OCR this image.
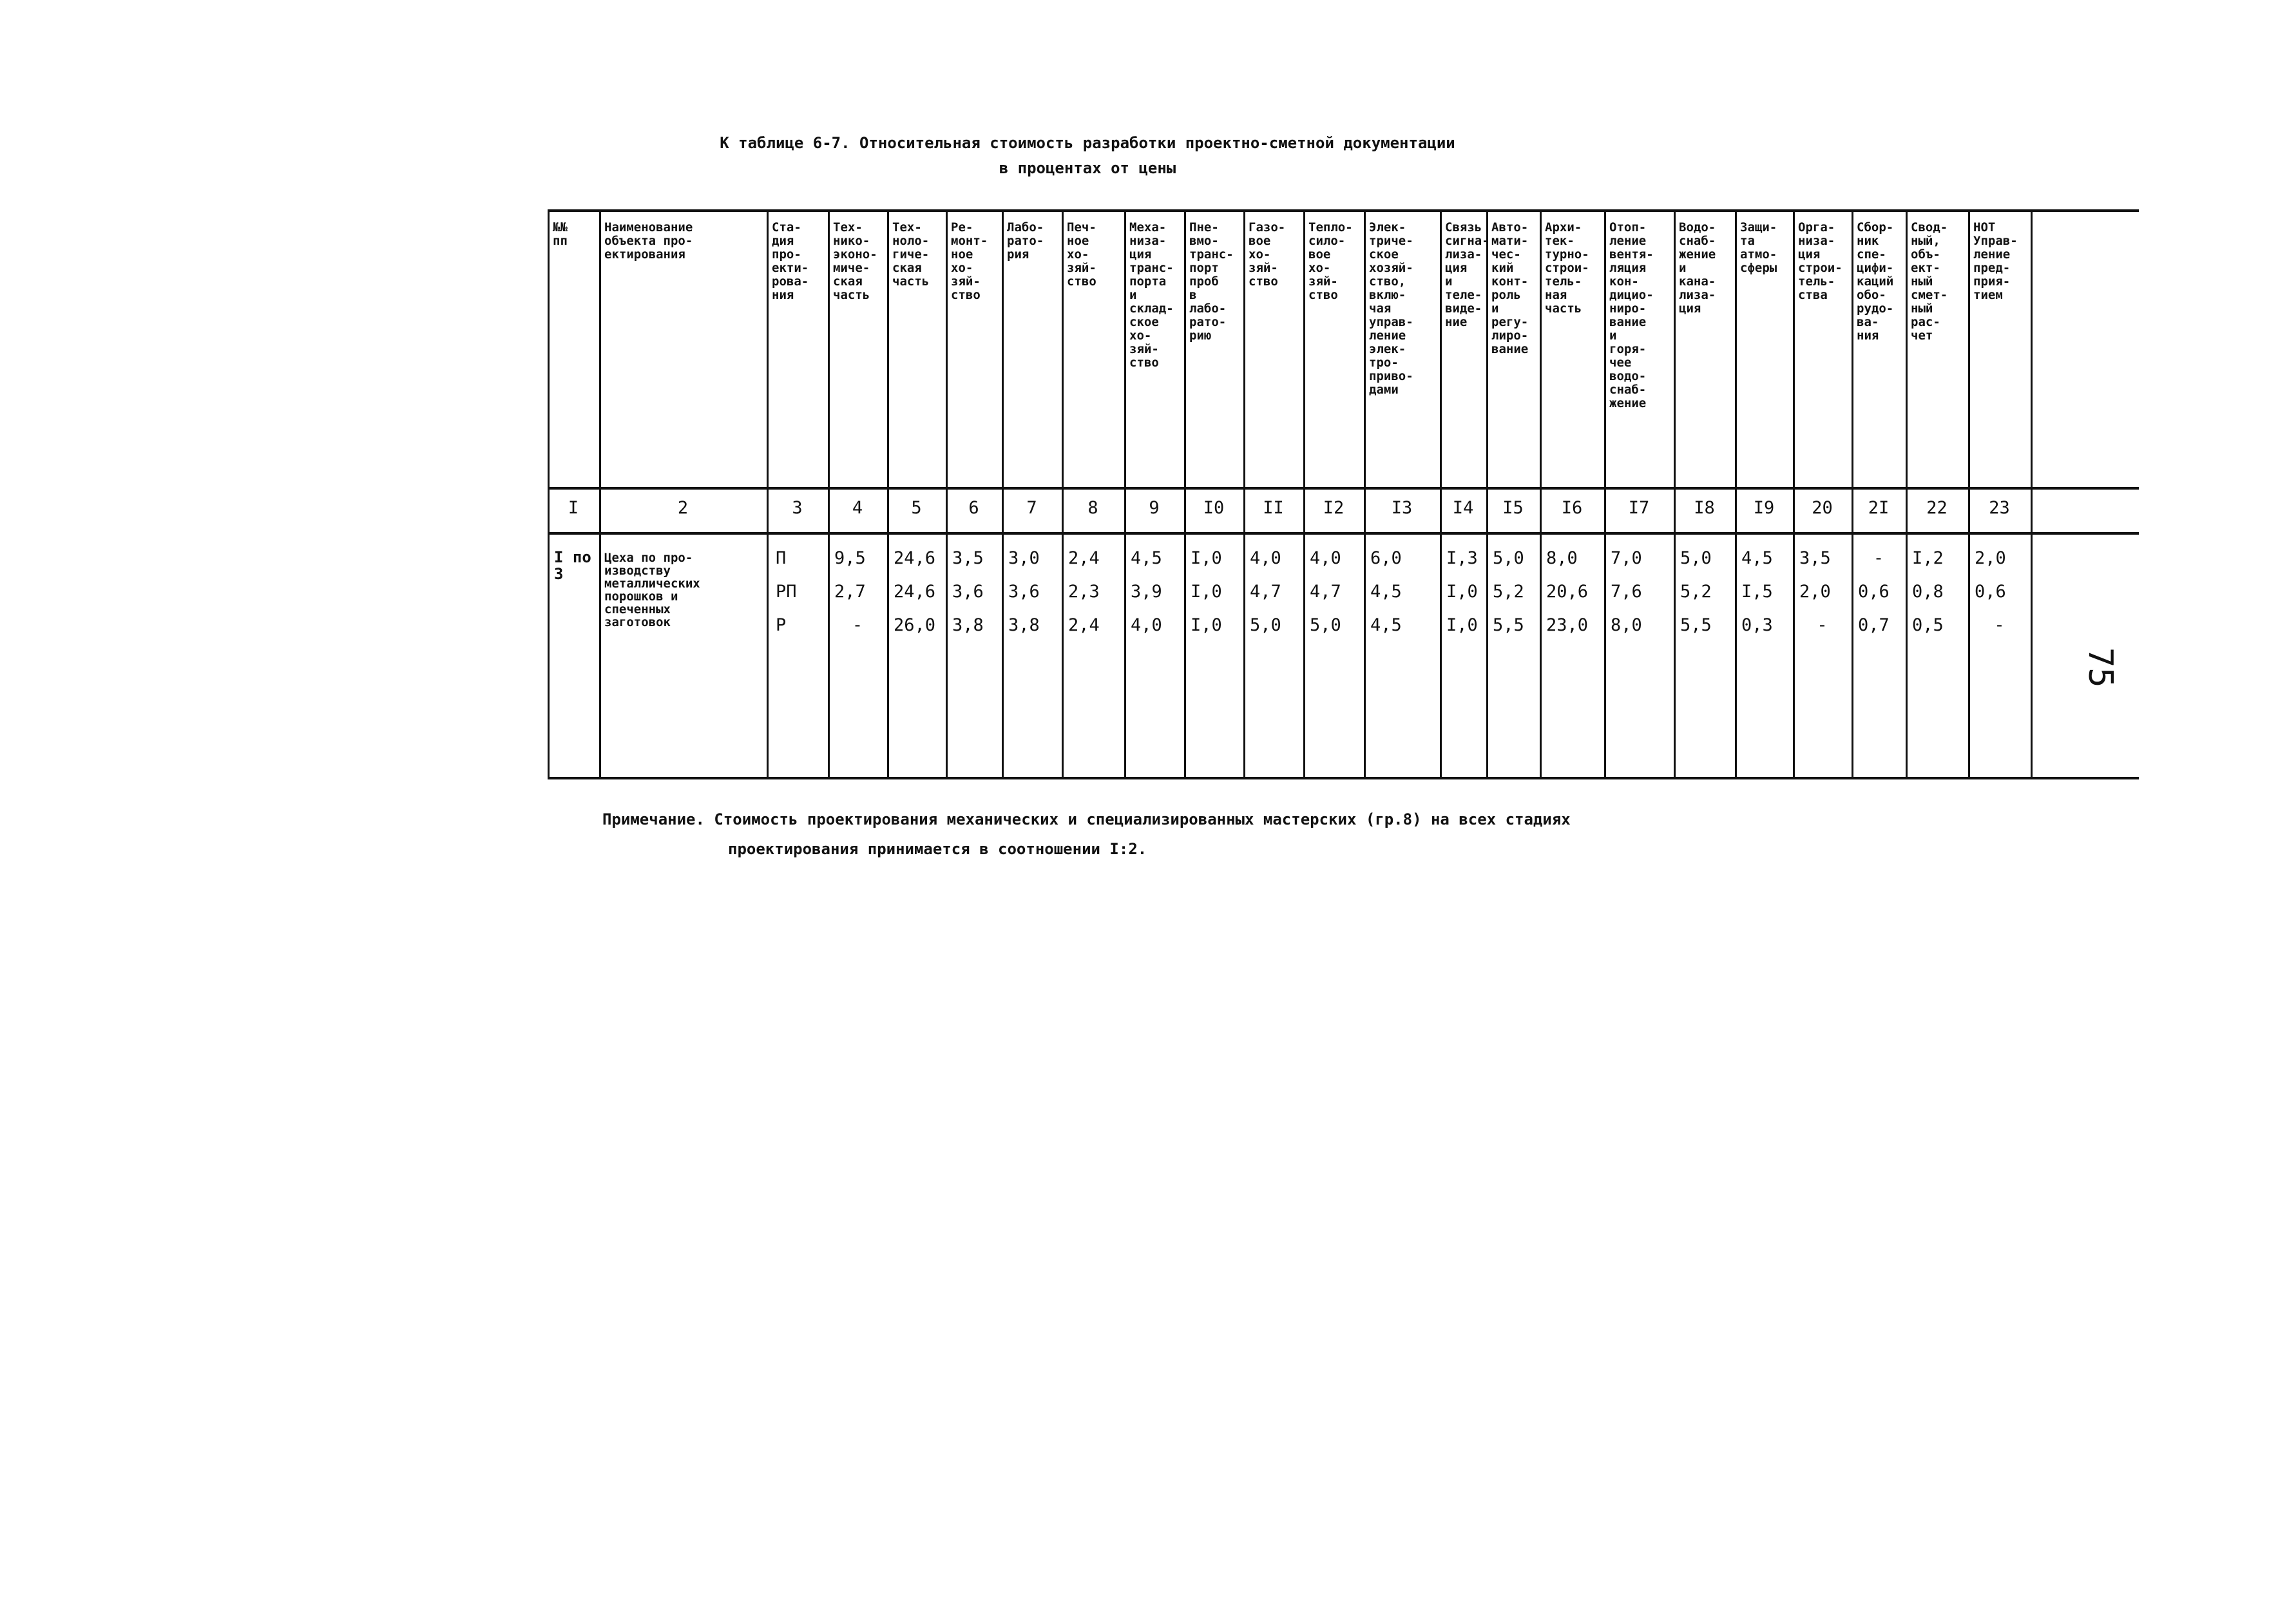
К таблице 6-7. Относительная стоимость разработки проектно-сметной документации
в процентах от цены
№№
пп
I
Наименование
объекта про-
ектирования
2
Ста-
дия
про-
екти-
рова-
ния
3
Тех-
нико-
эконо-
миче-
ская
часть
4
Тех-
ноло-
гиче-
ская
часть
5
Ре-
монт-
ное
хо-
зяй-
ство
6
Лабо-
рато-
рия
7
Печ-
ное
хо-
зяй-
ство
8
Меха-
низа-
ция
транс-
порта
и
склад-
ское
хо-
зяй-
ство
9
Пне-
вмо-
транс-
порт
проб
в
лабо-
рато-
рию
I0
Газо-
вое
хо-
зяй-
ство
II
Тепло-
сило-
вое
хо-
зяй-
ство
I2
Элек-
триче-
ское
хозяй-
ство,
вклю-
чая
управ-
ление
элек-
тро-
приво-
дами
I3
Связь
сигна-
лиза-
ция
и
теле-
виде-
ние
I4
Авто-
мати-
чес-
кий
конт-
роль
и
регу-
лиро-
вание
I5
Архи-
тек-
турно-
строи-
тель-
ная
часть
I6
Отоп-
ление
вентя-
ляция
кон-
дицио-
ниро-
вание
и
горя-
чее
водо-
снаб-
жение
I7
Водо-
снаб-
жение
и
кана-
лиза-
ция
I8
Защи-
та
атмо-
сферы
I9
Орга-
низа-
ция
строи-
тель-
ства
20
Сбор-
ник
спе-
цифи-
каций
обо-
рудо-
ва-
ния
2I
Свод-
ный,
объ-
ект-
ный
смет-
ный
рас-
чет
22
НОТ
Управ-
ление
пред-
прия-
тием
23
I по
3
Цеха по про-
изводству
металлических
порошков и
спеченных
заготовок
П
РП
Р
9,5
2,7
-
24,6
24,6
26,0
3,5
3,6
3,8
3,0
3,6
3,8
2,4
2,3
2,4
4,5
3,9
4,0
I,0
I,0
I,0
4,0
4,7
5,0
4,0
4,7
5,0
6,0
4,5
4,5
I,3
I,0
I,0
5,0
5,2
5,5
8,0
20,6
23,0
7,0
7,6
8,0
5,0
5,2
5,5
4,5
I,5
0,3
3,5
2,0
-
-
0,6
0,7
I,2
0,8
0,5
2,0
0,6
-
Примечание. Стоимость проектирования механических и специализированных мастерских (гр.8) на всех стадиях
проектирования принимается в соотношении I:2.
75
